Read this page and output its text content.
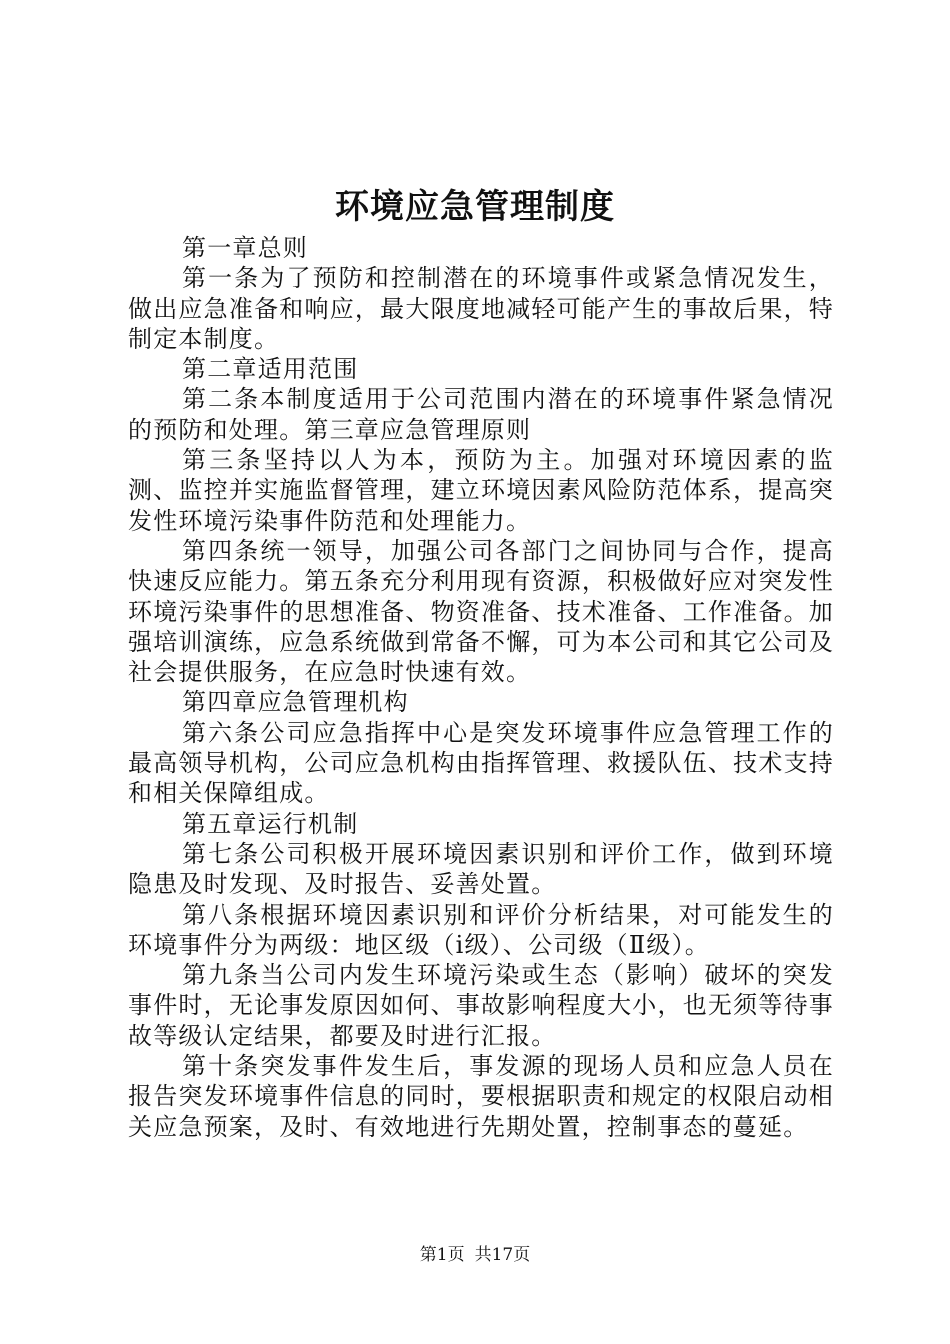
环境应急管理制度

第一章总则

第一条为了预防和控制潜在的环境事件或紧急情况发生，做出应急准备和响应，最大限度地减轻可能产生的事故后果，特制定本制度。

第二章适用范围

第二条本制度适用于公司范围内潜在的环境事件紧急情况的预防和处理。第三章应急管理原则

第三条坚持以人为本，预防为主。加强对环境因素的监测、监控并实施监督管理，建立环境因素风险防范体系，提高突发性环境污染事件防范和处理能力。

第四条统一领导，加强公司各部门之间协同与合作，提高快速反应能力。第五条充分利用现有资源，积极做好应对突发性环境污染事件的思想准备、物资准备、技术准备、工作准备。加强培训演练，应急系统做到常备不懈，可为本公司和其它公司及社会提供服务，在应急时快速有效。

第四章应急管理机构

第六条公司应急指挥中心是突发环境事件应急管理工作的最高领导机构，公司应急机构由指挥管理、救援队伍、技术支持和相关保障组成。

第五章运行机制

第七条公司积极开展环境因素识别和评价工作，做到环境隐患及时发现、及时报告、妥善处置。

第八条根据环境因素识别和评价分析结果，对可能发生的环境事件分为两级：地区级（ⅰ级）、公司级（Ⅱ级）。

第九条当公司内发生环境污染或生态（影响）破坏的突发事件时，无论事发原因如何、事故影响程度大小，也无须等待事故等级认定结果，都要及时进行汇报。

第十条突发事件发生后，事发源的现场人员和应急人员在报告突发环境事件信息的同时，要根据职责和规定的权限启动相关应急预案，及时、有效地进行先期处置，控制事态的蔓延。

第1页 共17页
